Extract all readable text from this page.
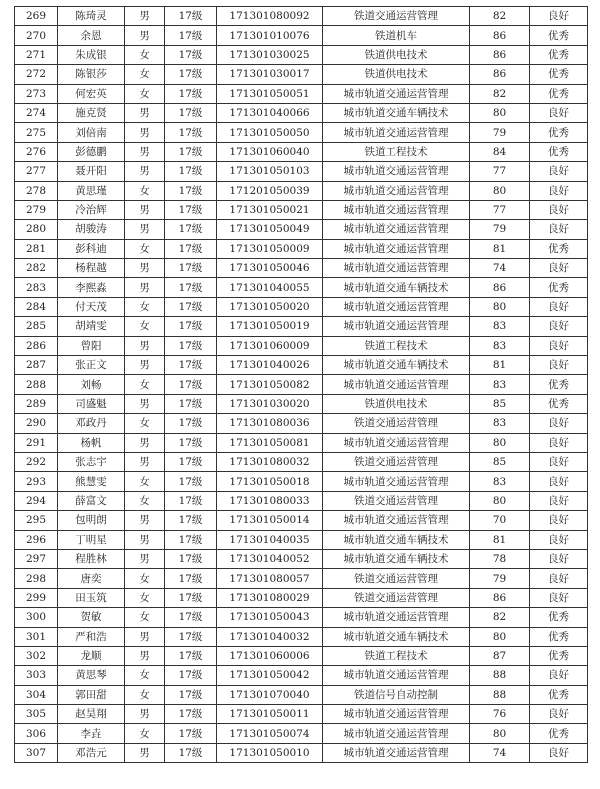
269	陈琦灵	男	17级	171301080092	铁道交通运营管理	82	良好
270	余恩	男	17级	171301010076	铁道机车	86	优秀
271	朱成银	女	17级	171301030025	铁道供电技术	86	优秀
272	陈银莎	女	17级	171301030017	铁道供电技术	86	优秀
273	何宏英	女	17级	171301050051	城市轨道交通运营管理	82	优秀
274	施克贤	男	17级	171301040066	城市轨道交通车辆技术	80	良好
275	刘倍南	男	17级	171301050050	城市轨道交通运营管理	79	优秀
276	彭德鹏	男	17级	171301060040	铁道工程技术	84	优秀
277	聂开阳	男	17级	171301050103	城市轨道交通运营管理	77	良好
278	黄思瑾	女	17级	171201050039	城市轨道交通运营管理	80	良好
279	冷治辉	男	17级	171301050021	城市轨道交通运营管理	77	良好
280	胡骏涛	男	17级	171301050049	城市轨道交通运营管理	79	良好
281	彭科迪	女	17级	171301050009	城市轨道交通运营管理	81	优秀
282	杨程越	男	17级	171301050046	城市轨道交通运营管理	74	良好
283	李熙淼	男	17级	171301040055	城市轨道交通车辆技术	86	优秀
284	付天茂	女	17级	171301050020	城市轨道交通运营管理	80	良好
285	胡靖雯	女	17级	171301050019	城市轨道交通运营管理	83	良好
286	曾阳	男	17级	171301060009	铁道工程技术	83	良好
287	张正文	男	17级	171301040026	城市轨道交通车辆技术	81	良好
288	刘畅	女	17级	171301050082	城市轨道交通运营管理	83	优秀
289	司盛魁	男	17级	171301030020	铁道供电技术	85	优秀
290	邓政丹	女	17级	171301080036	铁道交通运营管理	83	良好
291	杨帆	男	17级	171301050081	城市轨道交通运营管理	80	良好
292	张志宇	男	17级	171301080032	铁道交通运营管理	85	良好
293	熊慧雯	女	17级	171301050018	城市轨道交通运营管理	83	良好
294	薛富文	女	17级	171301080033	铁道交通运营管理	80	良好
295	包明朗	男	17级	171301050014	城市轨道交通运营管理	70	良好
296	丁明星	男	17级	171301040035	城市轨道交通车辆技术	81	良好
297	程胜林	男	17级	171301040052	城市轨道交通车辆技术	78	良好
298	唐奕	女	17级	171301080057	铁道交通运营管理	79	良好
299	田玉筑	女	17级	171301080029	铁道交通运营管理	86	良好
300	贺敏	女	17级	171301050043	城市轨道交通运营管理	82	优秀
301	严和浩	男	17级	171301040032	城市轨道交通车辆技术	80	优秀
302	龙顺	男	17级	171301060006	铁道工程技术	87	优秀
303	黄思琴	女	17级	171301050042	城市轨道交通运营管理	88	良好
304	郭田甜	女	17级	171301070040	铁道信号自动控制	88	优秀
305	赵昊翔	男	17级	171301050011	城市轨道交通运营管理	76	良好
306	李垚	女	17级	171301050074	城市轨道交通运营管理	80	优秀
307	邓浩元	男	17级	171301050010	城市轨道交通运营管理	74	良好
